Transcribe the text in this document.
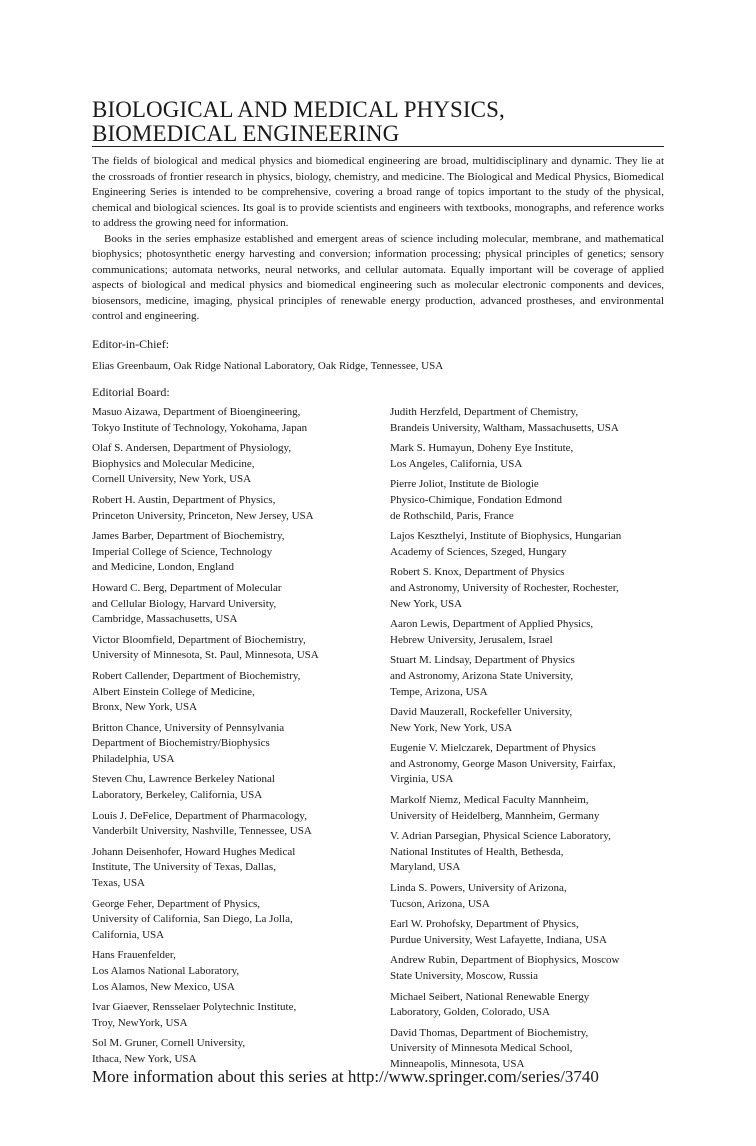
BIOLOGICAL AND MEDICAL PHYSICS,
BIOMEDICAL ENGINEERING

The fields of biological and medical physics and biomedical engineering are broad, multidisciplinary and dynamic. They lie at the crossroads of frontier research in physics, biology, chemistry, and medicine. The Biological and Medical Physics, Biomedical Engineering Series is intended to be comprehensive, covering a broad range of topics important to the study of the physical, chemical and biological sciences. Its goal is to provide scientists and engineers with textbooks, monographs, and reference works to address the growing need for information.

Books in the series emphasize established and emergent areas of science including molecular, membrane, and mathematical biophysics; photosynthetic energy harvesting and conversion; information processing; physical principles of genetics; sensory communications; automata networks, neural networks, and cellular automata. Equally important will be coverage of applied aspects of biological and medical physics and biomedical engineering such as molecular electronic components and devices, biosensors, medicine, imaging, physical principles of renewable energy production, advanced prostheses, and environmental control and engineering.

Editor-in-Chief:
Elias Greenbaum, Oak Ridge National Laboratory, Oak Ridge, Tennessee, USA
Editorial Board:
Masuo Aizawa, Department of Bioengineering,
Tokyo Institute of Technology, Yokohama, Japan
Olaf S. Andersen, Department of Physiology,
Biophysics and Molecular Medicine,
Cornell University, New York, USA
Robert H. Austin, Department of Physics,
Princeton University, Princeton, New Jersey, USA
James Barber, Department of Biochemistry,
Imperial College of Science, Technology
and Medicine, London, England
Howard C. Berg, Department of Molecular
and Cellular Biology, Harvard University,
Cambridge, Massachusetts, USA
Victor Bloomfield, Department of Biochemistry,
University of Minnesota, St. Paul, Minnesota, USA
Robert Callender, Department of Biochemistry,
Albert Einstein College of Medicine,
Bronx, New York, USA
Britton Chance, University of Pennsylvania
Department of Biochemistry/Biophysics
Philadelphia, USA
Steven Chu, Lawrence Berkeley National
Laboratory, Berkeley, California, USA
Louis J. DeFelice, Department of Pharmacology,
Vanderbilt University, Nashville, Tennessee, USA
Johann Deisenhofer, Howard Hughes Medical
Institute, The University of Texas, Dallas,
Texas, USA
George Feher, Department of Physics,
University of California, San Diego, La Jolla,
California, USA
Hans Frauenfelder,
Los Alamos National Laboratory,
Los Alamos, New Mexico, USA
Ivar Giaever, Rensselaer Polytechnic Institute,
Troy, NewYork, USA
Sol M. Gruner, Cornell University,
Ithaca, New York, USA
Judith Herzfeld, Department of Chemistry,
Brandeis University, Waltham, Massachusetts, USA
Mark S. Humayun, Doheny Eye Institute,
Los Angeles, California, USA
Pierre Joliot, Institute de Biologie
Physico-Chimique, Fondation Edmond
de Rothschild, Paris, France
Lajos Keszthelyi, Institute of Biophysics, Hungarian
Academy of Sciences, Szeged, Hungary
Robert S. Knox, Department of Physics
and Astronomy, University of Rochester, Rochester,
New York, USA
Aaron Lewis, Department of Applied Physics,
Hebrew University, Jerusalem, Israel
Stuart M. Lindsay, Department of Physics
and Astronomy, Arizona State University,
Tempe, Arizona, USA
David Mauzerall, Rockefeller University,
New York, New York, USA
Eugenie V. Mielczarek, Department of Physics
and Astronomy, George Mason University, Fairfax,
Virginia, USA
Markolf Niemz, Medical Faculty Mannheim,
University of Heidelberg, Mannheim, Germany
V. Adrian Parsegian, Physical Science Laboratory,
National Institutes of Health, Bethesda,
Maryland, USA
Linda S. Powers, University of Arizona,
Tucson, Arizona, USA
Earl W. Prohofsky, Department of Physics,
Purdue University, West Lafayette, Indiana, USA
Andrew Rubin, Department of Biophysics, Moscow
State University, Moscow, Russia
Michael Seibert, National Renewable Energy
Laboratory, Golden, Colorado, USA
David Thomas, Department of Biochemistry,
University of Minnesota Medical School,
Minneapolis, Minnesota, USA
More information about this series at http://www.springer.com/series/3740
